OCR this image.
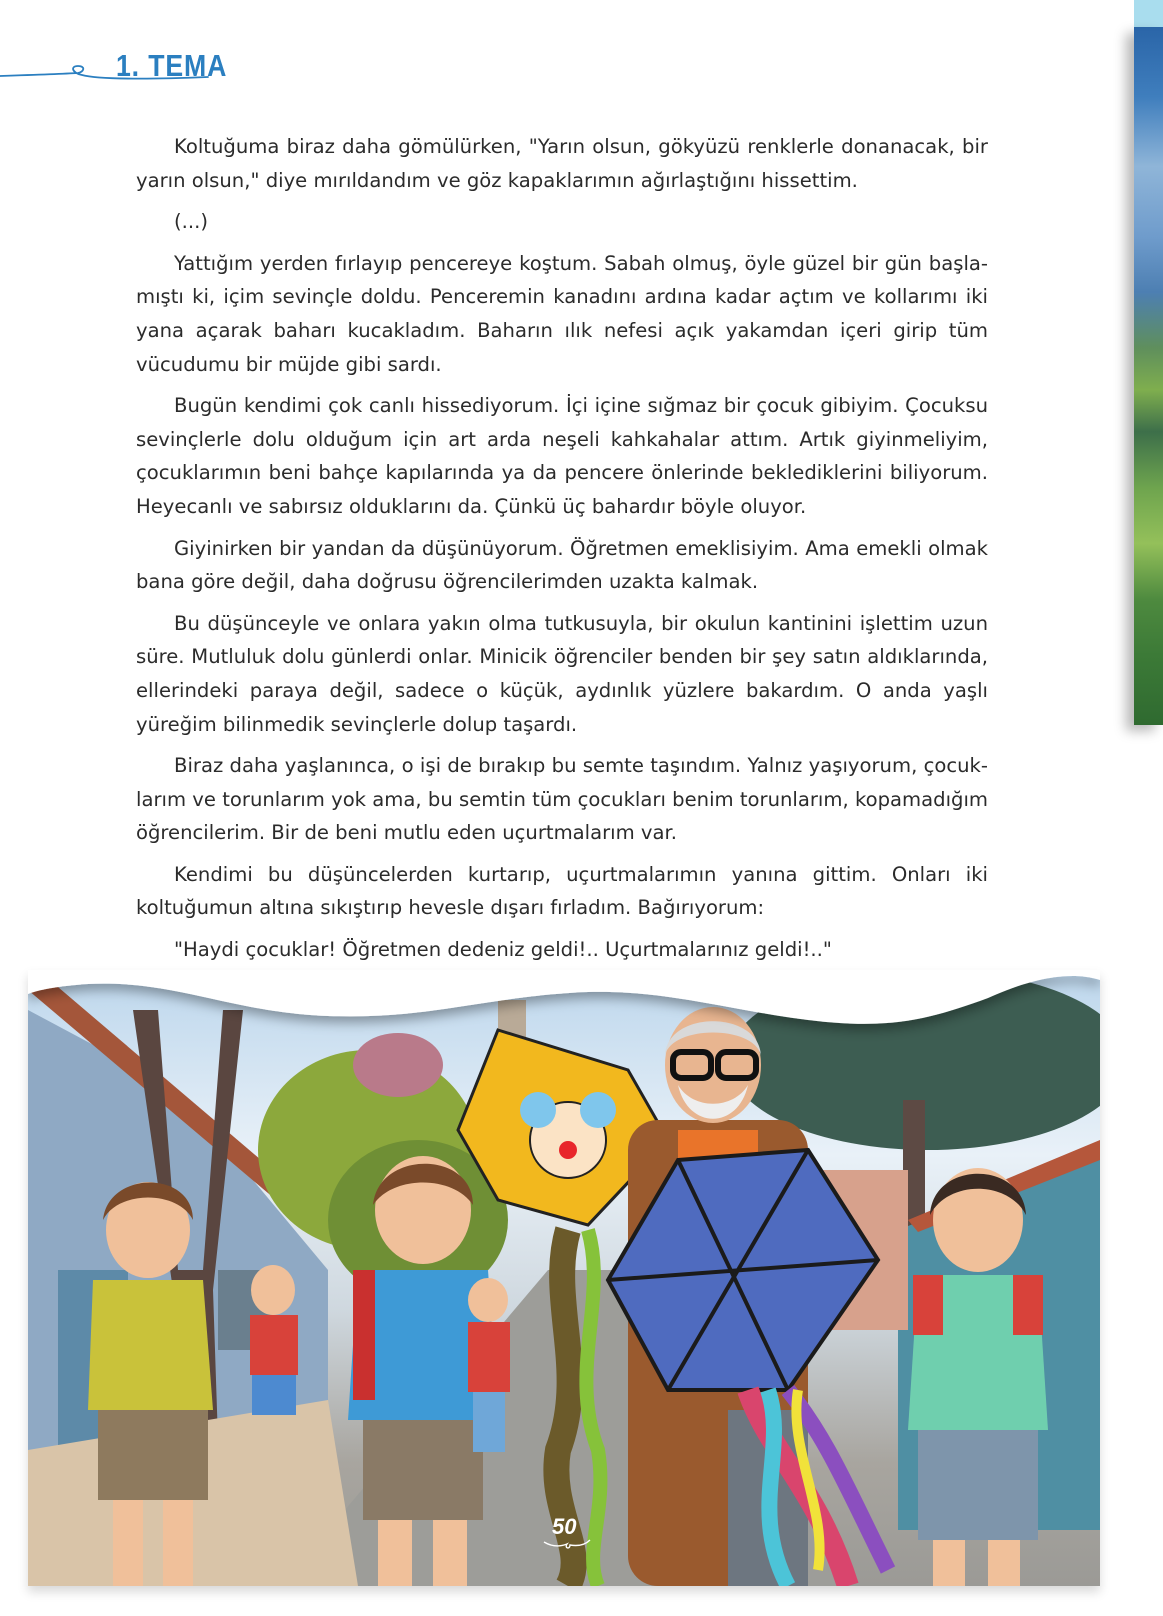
1. TEMA

Koltuğuma biraz daha gömülürken, "Yarın olsun, gökyüzü renklerle donanacak, bir yarın olsun," diye mırıldandım ve göz kapaklarımın ağırlaştığını hissettim.

(...)

Yattığım yerden fırlayıp pencereye koştum. Sabah olmuş, öyle güzel bir gün başlamıştı ki, içim sevinçle doldu. Penceremin kanadını ardına kadar açtım ve kollarımı iki yana açarak baharı kucakladım. Baharın ılık nefesi açık yakamdan içeri girip tüm vücudumu bir müjde gibi sardı.

Bugün kendimi çok canlı hissediyorum. İçi içine sığmaz bir çocuk gibiyim. Çocuksu sevinçlerle dolu olduğum için art arda neşeli kahkahalar attım. Artık giyinmeliyim, çocuklarımın beni bahçe kapılarında ya da pencere önlerinde beklediklerini biliyorum. Heyecanlı ve sabırsız olduklarını da. Çünkü üç bahardır böyle oluyor.

Giyinirken bir yandan da düşünüyorum. Öğretmen emeklisiyim. Ama emekli olmak bana göre değil, daha doğrusu öğrencilerimden uzakta kalmak.

Bu düşünceyle ve onlara yakın olma tutkusuyla, bir okulun kantinini işlettim uzun süre. Mutluluk dolu günlerdi onlar. Minicik öğrenciler benden bir şey satın aldıklarında, ellerindeki paraya değil, sadece o küçük, aydınlık yüzlere bakardım. O anda yaşlı yüreğim bilinmedik sevinçlerle dolup taşardı.

Biraz daha yaşlanınca, o işi de bırakıp bu semte taşındım. Yalnız yaşıyorum, çocuklarım ve torunlarım yok ama, bu semtin tüm çocukları benim torunlarım, kopamadığım öğrencilerim. Bir de beni mutlu eden uçurtmalarım var.

Kendimi bu düşüncelerden kurtarıp, uçurtmalarımın yanına gittim. Onları iki koltuğumun altına sıkıştırıp hevesle dışarı fırladım. Bağırıyorum:

"Haydi çocuklar! Öğretmen dedeniz geldi!.. Uçurtmalarınız geldi!.."

50
